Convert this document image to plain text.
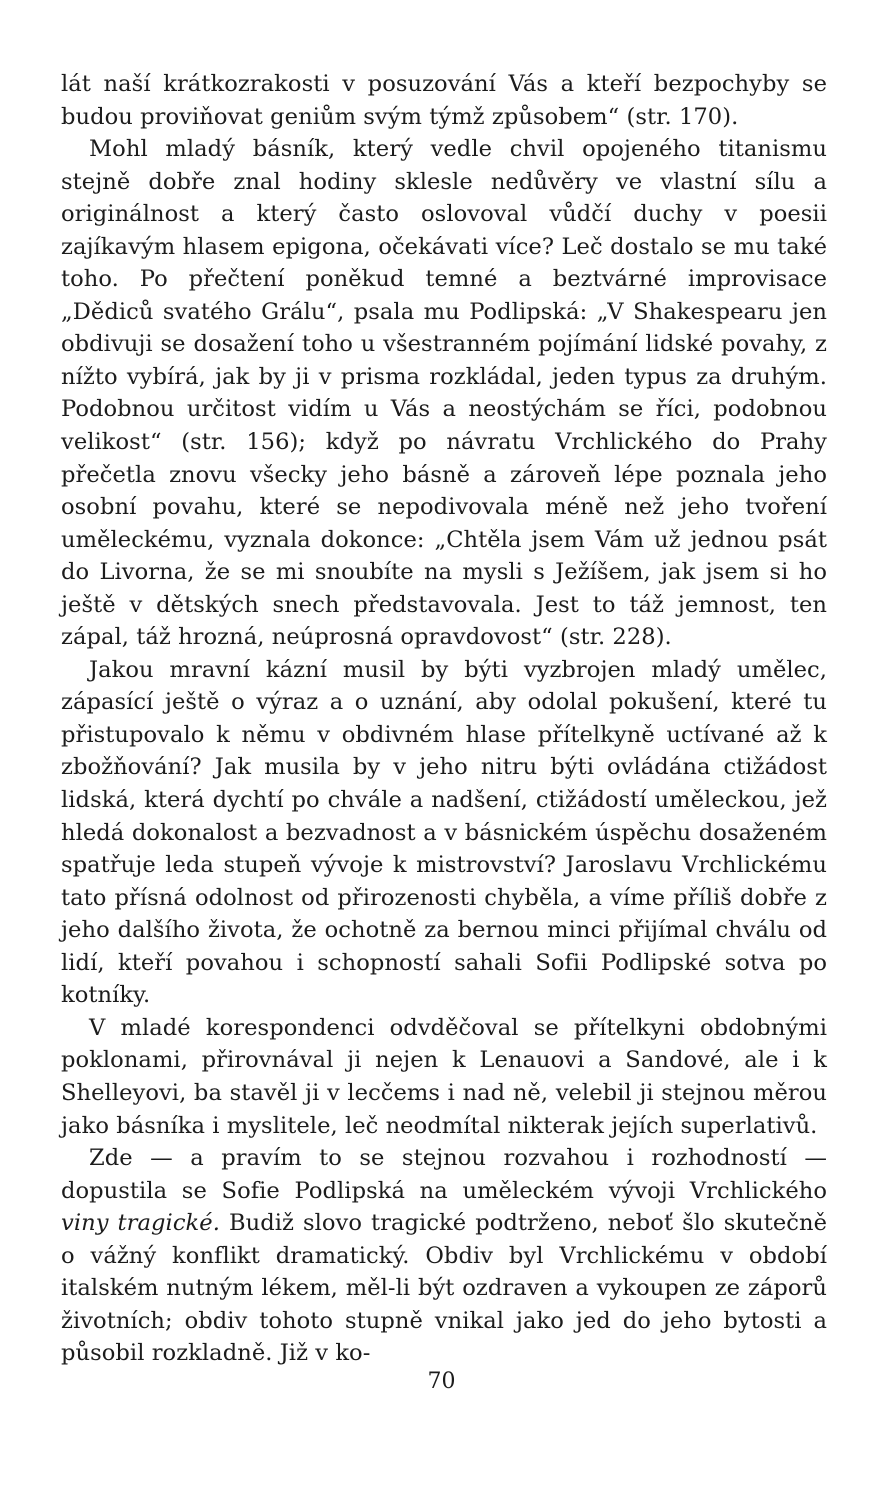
lát naší krátkozrakosti v posuzování Vás a kteří bezpochyby se budou proviňovat geniům svým týmž způsobem“ (str. 170).

Mohl mladý básník, který vedle chvil opojeného titanismu stejně dobře znal hodiny sklesle nedůvěry ve vlastní sílu a originálnost a který často oslovoval vůdčí duchy v poesii zajíkavým hlasem epigona, očekávati více? Leč dostalo se mu také toho. Po přečtení poněkud temné a beztvárné improvisace „Dědiců svatého Grálu“, psala mu Podlipská: „V Shakespearu jen obdivuji se dosažení toho u všestranném pojímání lidské povahy, z nížto vybírá, jak by ji v prisma rozkládal, jeden typus za druhým. Podobnou určitost vidím u Vás a neostýchám se říci, podobnou velikost“ (str. 156); když po návratu Vrchlického do Prahy přečetla znovu všecky jeho básně a zároveň lépe poznala jeho osobní povahu, které se nepodivovala méně než jeho tvoření uměleckému, vyznala dokonce: „Chtěla jsem Vám už jednou psát do Livorna, že se mi snoubíte na mysli s Ježíšem, jak jsem si ho ještě v dětských snech představovala. Jest to táž jemnost, ten zápal, táž hrozná, neúprosná opravdovost“ (str. 228).

Jakou mravní kázní musil by býti vyzbrojen mladý umělec, zápasící ještě o výraz a o uznání, aby odolal pokušení, které tu přistupovalo k němu v obdivném hlase přítelkyně uctívané až k zbožňování? Jak musila by v jeho nitru býti ovládána ctižádost lidská, která dychtí po chvále a nadšení, ctižádostí uměleckou, jež hledá dokonalost a bezvadnost a v básnickém úspěchu dosaženém spatřuje leda stupeň vývoje k mistrovství? Jaroslavu Vrchlickému tato přísná odolnost od přirozenosti chyběla, a víme příliš dobře z jeho dalšího života, že ochotně za bernou minci přijímal chválu od lidí, kteří povahou i schopností sahali Sofii Podlipské sotva po kotníky.

V mladé korespondenci odvděčoval se přítelkyni obdobnými poklonami, přirovnával ji nejen k Lenauovi a Sandové, ale i k Shelleyovi, ba stavěl ji v lecčems i nad ně, velebil ji stejnou měrou jako básníka i myslitele, leč neodmítal nikterak jejích superlativů.

Zde — a pravím to se stejnou rozvahou i rozhodností — dopustila se Sofie Podlipská na uměleckém vývoji Vrchlického viny tragické. Budiž slovo tragické podtrženo, neboť šlo skutečně o vážný konflikt dramatický. Obdiv byl Vrchlickému v období italském nutným lékem, měl-li být ozdraven a vykoupen ze záporů životních; obdiv tohoto stupně vnikal jako jed do jeho bytosti a působil rozkladně. Již v ko-

70
